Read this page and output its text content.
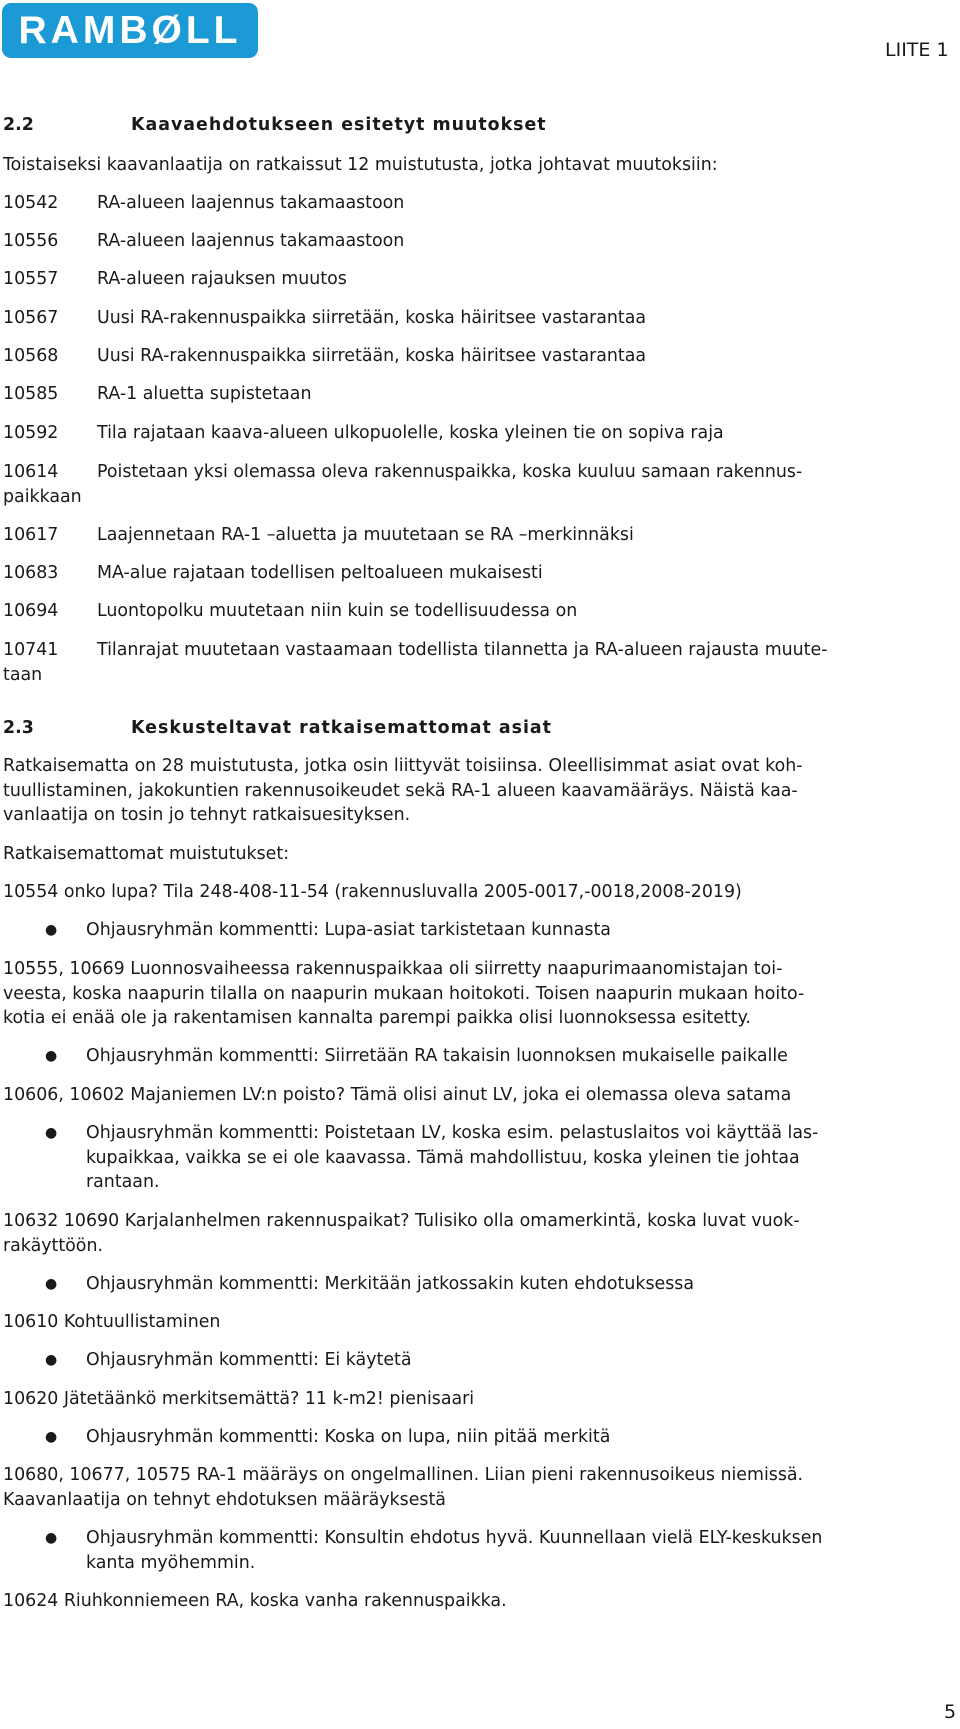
RAMBØLL	LIITE 1
2.2	Kaavaehdotukseen esitetyt muutokset
Toistaiseksi kaavanlaatija on ratkaissut 12 muistutusta, jotka johtavat muutoksiin:
10542 RA-alueen laajennus takamaastoon
10556 RA-alueen laajennus takamaastoon
10557 RA-alueen rajauksen muutos
10567 Uusi RA-rakennuspaikka siirretään, koska häiritsee vastarantaa
10568 Uusi RA-rakennuspaikka siirretään, koska häiritsee vastarantaa
10585 RA-1 aluetta supistetaan
10592 Tila rajataan kaava-alueen ulkopuolelle, koska yleinen tie on sopiva raja
10614 Poistetaan yksi olemassa oleva rakennuspaikka, koska kuuluu samaan rakennus-
paikkaan
10617 Laajennetaan RA-1 –aluetta ja muutetaan se RA –merkinnäksi
10683 MA-alue rajataan todellisen peltoalueen mukaisesti
10694 Luontopolku muutetaan niin kuin se todellisuudessa on
10741 Tilanrajat muutetaan vastaamaan todellista tilannetta ja RA-alueen rajausta muute-
taan
2.3	Keskusteltavat ratkaisemattomat asiat
Ratkaisematta on 28 muistutusta, jotka osin liittyvät toisiinsa. Oleellisimmat asiat ovat koh-
tuullistaminen, jakokuntien rakennusoikeudet sekä RA-1 alueen kaavamääräys. Näistä kaa-
vanlaatija on tosin jo tehnyt ratkaisuesityksen.
Ratkaisemattomat muistutukset:
10554 onko lupa? Tila 248-408-11-54 (rakennusluvalla 2005-0017,-0018,2008-2019)
● Ohjausryhmän kommentti: Lupa-asiat tarkistetaan kunnasta
10555, 10669 Luonnosvaiheessa rakennuspaikkaa oli siirretty naapurimaanomistajan toi-
veesta, koska naapurin tilalla on naapurin mukaan hoitokoti. Toisen naapurin mukaan hoito-
kotia ei enää ole ja rakentamisen kannalta parempi paikka olisi luonnoksessa esitetty.
● Ohjausryhmän kommentti: Siirretään RA takaisin luonnoksen mukaiselle paikalle
10606, 10602 Majaniemen LV:n poisto? Tämä olisi ainut LV, joka ei olemassa oleva satama
● Ohjausryhmän kommentti: Poistetaan LV, koska esim. pelastuslaitos voi käyttää las-
kupaikkaa, vaikka se ei ole kaavassa. Tämä mahdollistuu, koska yleinen tie johtaa
rantaan.
10632 10690 Karjalanhelmen rakennuspaikat? Tulisiko olla omamerkintä, koska luvat vuok-
rakäyttöön.
● Ohjausryhmän kommentti: Merkitään jatkossakin kuten ehdotuksessa
10610 Kohtuullistaminen
● Ohjausryhmän kommentti: Ei käytetä
10620 Jätetäänkö merkitsemättä? 11 k-m2! pienisaari
● Ohjausryhmän kommentti: Koska on lupa, niin pitää merkitä
10680, 10677, 10575 RA-1 määräys on ongelmallinen. Liian pieni rakennusoikeus niemissä.
Kaavanlaatija on tehnyt ehdotuksen määräyksestä
● Ohjausryhmän kommentti: Konsultin ehdotus hyvä. Kuunnellaan vielä ELY-keskuksen
kanta myöhemmin.
10624 Riuhkonniemeen RA, koska vanha rakennuspaikka.
5
